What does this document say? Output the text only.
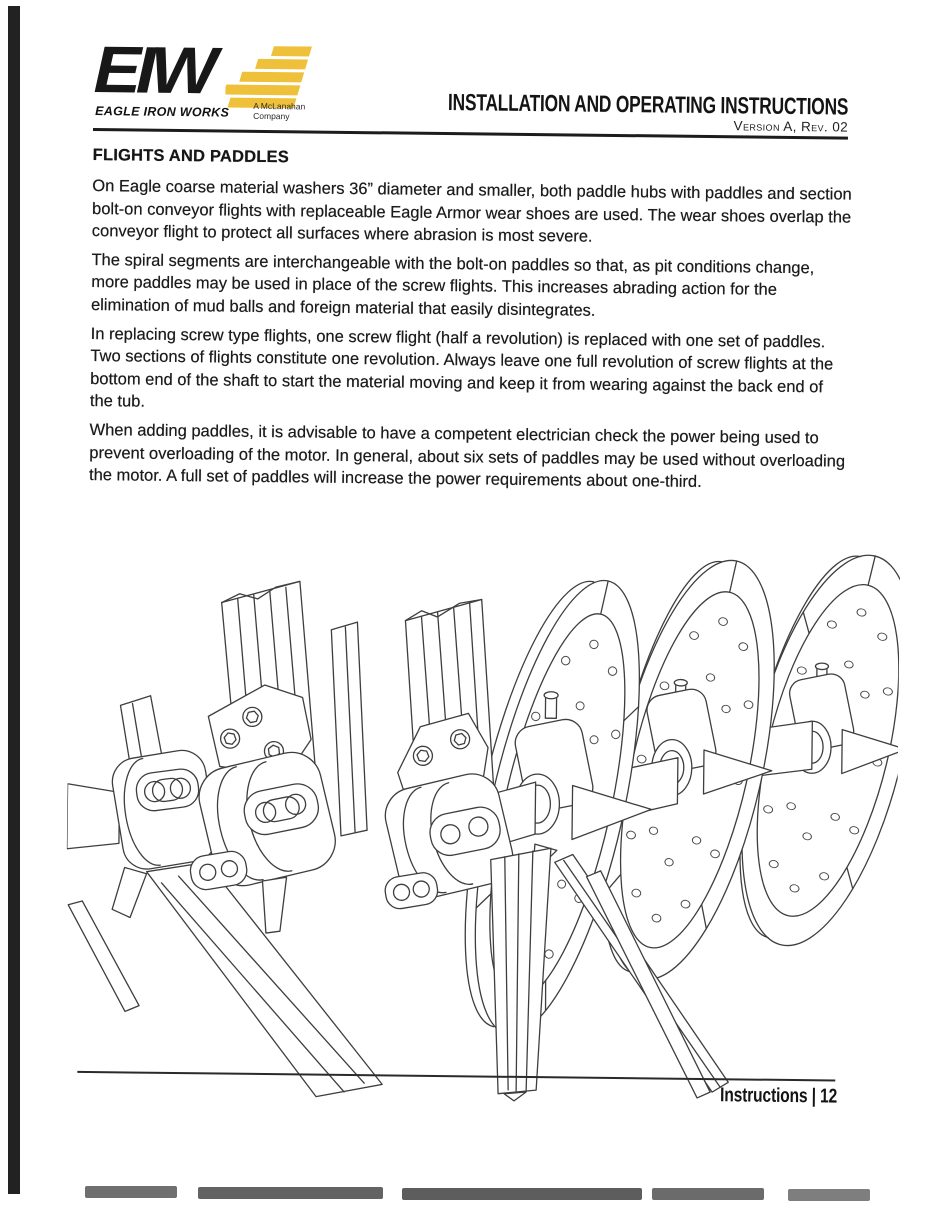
EIW
EAGLE IRON WORKS	A McLanahan
Company	INSTALLATION AND OPERATING INSTRUCTIONS
Version A, Rev. 02
FLIGHTS AND PADDLES

On Eagle coarse material washers 36” diameter and smaller, both paddle hubs with paddles and section bolt-on conveyor flights with replaceable Eagle Armor wear shoes are used. The wear shoes overlap the conveyor flight to protect all surfaces where abrasion is most severe.

The spiral segments are interchangeable with the bolt-on paddles so that, as pit conditions change, more paddles may be used in place of the screw flights. This increases abrading action for the elimination of mud balls and foreign material that easily disintegrates.

In replacing screw type flights, one screw flight (half a revolution) is replaced with one set of paddles. Two sections of flights constitute one revolution. Always leave one full revolution of screw flights at the bottom end of the shaft to start the material moving and keep it from wearing against the back end of the tub.

When adding paddles, it is advisable to have a competent electrician check the power being used to prevent overloading of the motor. In general, about six sets of paddles may be used without overloading the motor. A full set of paddles will increase the power requirements about one-third.

Instructions | 12
